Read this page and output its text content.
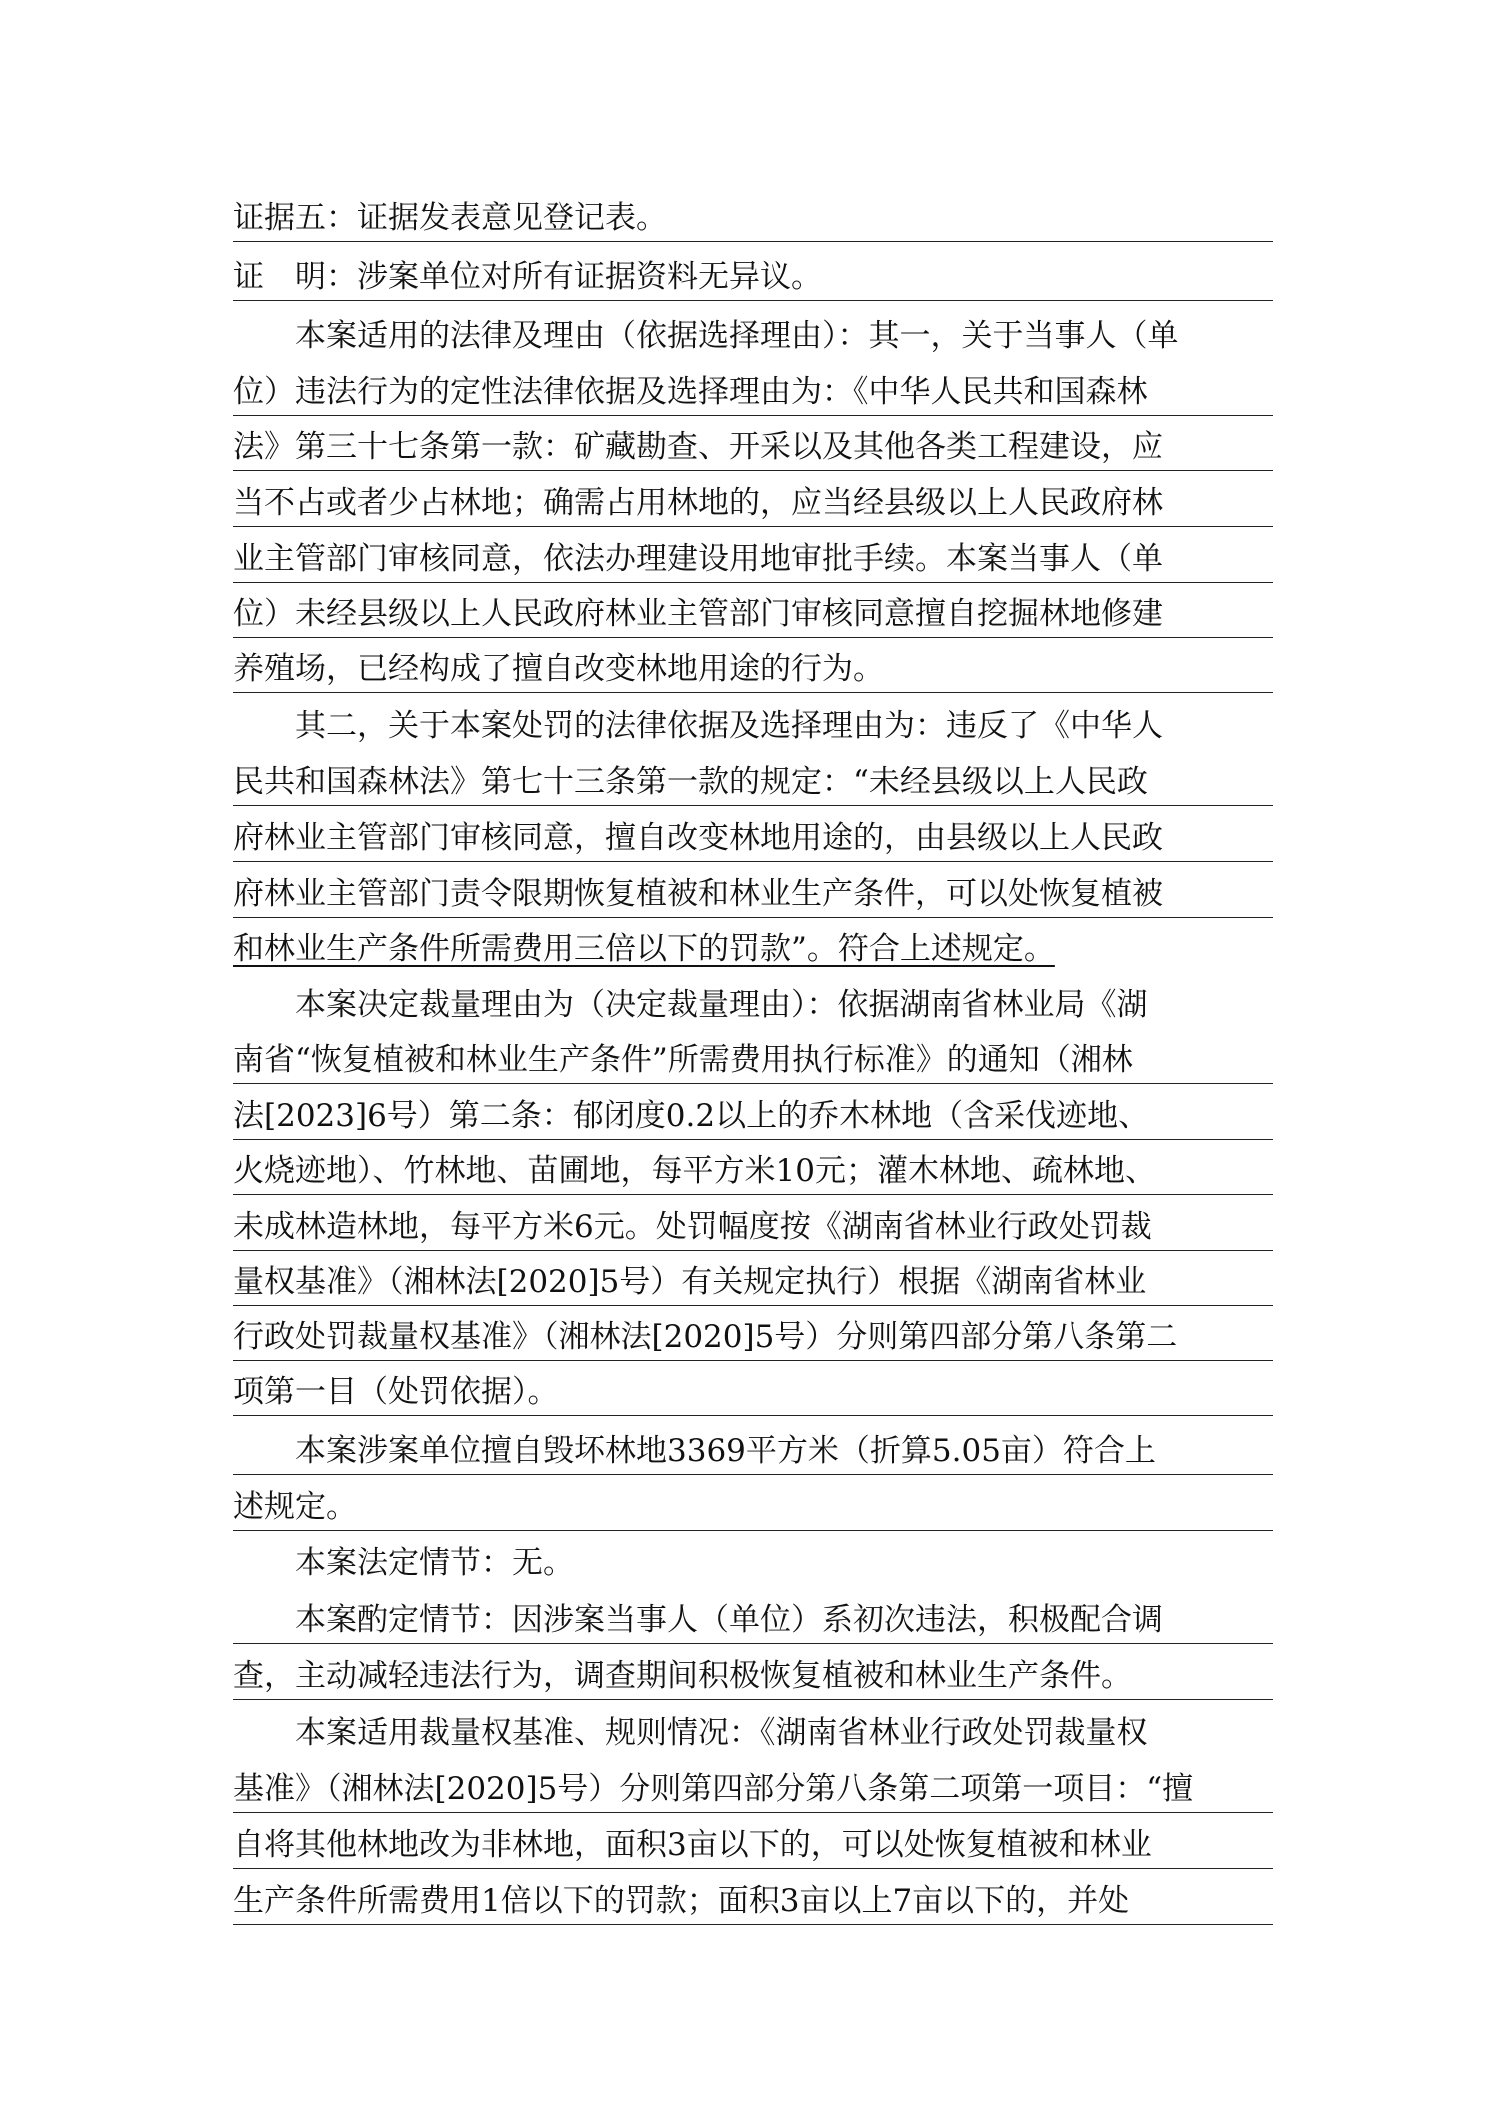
证据五：证据发表意见登记表。
证　明：涉案单位对所有证据资料无异议。
　　本案适用的法律及理由（依据选择理由）：其一，关于当事人（单
位）违法行为的定性法律依据及选择理由为：《中华人民共和国森林
法》第三十七条第一款：矿藏勘查、开采以及其他各类工程建设，应
当不占或者少占林地；确需占用林地的，应当经县级以上人民政府林
业主管部门审核同意，依法办理建设用地审批手续。本案当事人（单
位）未经县级以上人民政府林业主管部门审核同意擅自挖掘林地修建
养殖场，已经构成了擅自改变林地用途的行为。
　　其二，关于本案处罚的法律依据及选择理由为：违反了《中华人
民共和国森林法》第七十三条第一款的规定：“未经县级以上人民政
府林业主管部门审核同意，擅自改变林地用途的，由县级以上人民政
府林业主管部门责令限期恢复植被和林业生产条件，可以处恢复植被
和林业生产条件所需费用三倍以下的罚款”。符合上述规定。
　　本案决定裁量理由为（决定裁量理由）：依据湖南省林业局《湖
南省“恢复植被和林业生产条件”所需费用执行标准》的通知（湘林
法[2023]6号）第二条：郁闭度0.2以上的乔木林地（含采伐迹地、
火烧迹地）、竹林地、苗圃地，每平方米10元；灌木林地、疏林地、
未成林造林地，每平方米6元。处罚幅度按《湖南省林业行政处罚裁
量权基准》（湘林法[2020]5号）有关规定执行）根据《湖南省林业
行政处罚裁量权基准》（湘林法[2020]5号）分则第四部分第八条第二
项第一目（处罚依据）。
　　本案涉案单位擅自毁坏林地3369平方米（折算5.05亩）符合上
述规定。
　　本案法定情节：无。
　　本案酌定情节：因涉案当事人（单位）系初次违法，积极配合调
查，主动减轻违法行为，调查期间积极恢复植被和林业生产条件。
　　本案适用裁量权基准、规则情况：《湖南省林业行政处罚裁量权
基准》（湘林法[2020]5号）分则第四部分第八条第二项第一项目：“擅
自将其他林地改为非林地，面积3亩以下的，可以处恢复植被和林业
生产条件所需费用1倍以下的罚款；面积3亩以上7亩以下的，并处
